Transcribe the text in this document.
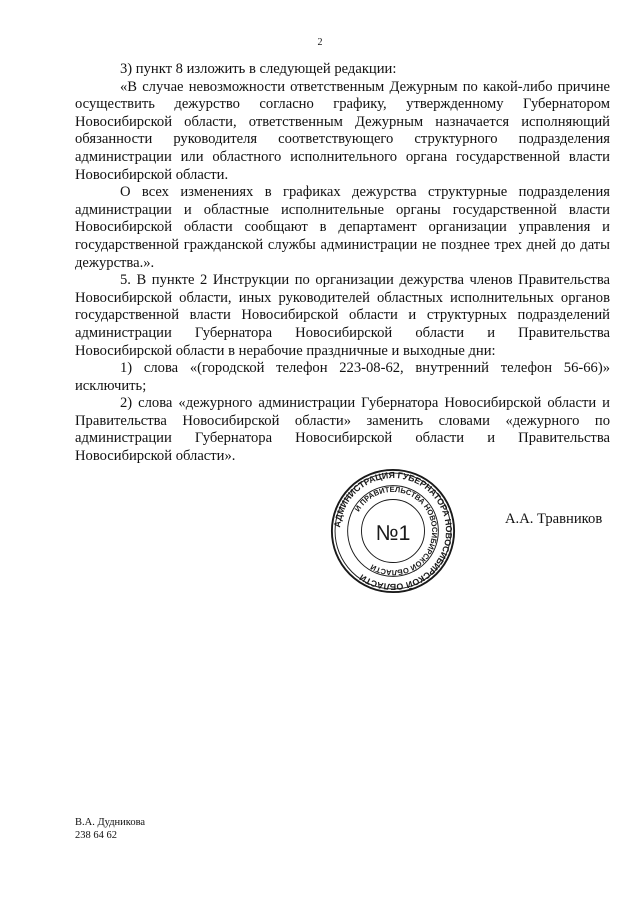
2

3) пункт 8 изложить в следующей редакции:

«В случае невозможности ответственным Дежурным по какой-либо причине осуществить дежурство согласно графику, утвержденному Губернатором Новосибирской области, ответственным Дежурным назначается исполняющий обязанности руководителя соответствующего структурного подразделения администрации или областного исполнительного органа государственной власти Новосибирской области.

О всех изменениях в графиках дежурства структурные подразделения администрации и областные исполнительные органы государственной власти Новосибирской области сообщают в департамент организации управления и государственной гражданской службы администрации не позднее трех дней до даты дежурства.».

5. В пункте 2 Инструкции по организации дежурства членов Правительства Новосибирской области, иных руководителей областных исполнительных органов государственной власти Новосибирской области и структурных подразделений администрации Губернатора Новосибирской области и Правительства Новосибирской области в нерабочие праздничные и выходные дни:

1) слова «(городской телефон 223-08-62, внутренний телефон 56-66)» исключить;

2) слова «дежурного администрации Губернатора Новосибирской области и Правительства Новосибирской области» заменить словами «дежурного по администрации Губернатора Новосибирской области и Правительства Новосибирской области».

АДМИНИСТРАЦИЯ ГУБЕРНАТОРА НОВОСИБИРСКОЙ ОБЛАСТИ
И ПРАВИТЕЛЬСТВА НОВОСИБИРСКОЙ ОБЛАСТИ
№1
А.А. Травников
В.А. Дудникова
238 64 62
